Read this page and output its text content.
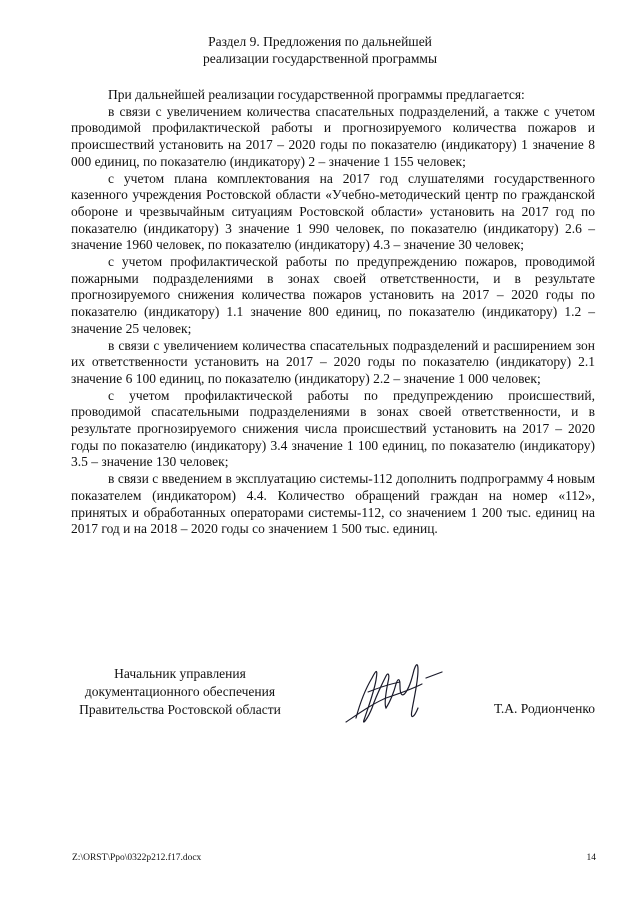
Раздел 9. Предложения по дальнейшей
реализации государственной программы

При дальнейшей реализации государственной программы предлагается:

в связи с увеличением количества спасательных подразделений, а также с учетом проводимой профилактической работы и прогнозируемого количества пожаров и происшествий установить на 2017 – 2020 годы по показателю (индикатору) 1 значение 8 000 единиц, по показателю (индикатору) 2 – значение 1 155 человек;

с учетом плана комплектования на 2017 год слушателями государственного казенного учреждения Ростовской области «Учебно-методический центр по гражданской обороне и чрезвычайным ситуациям Ростовской области» установить на 2017 год по показателю (индикатору) 3 значение 1 990 человек, по показателю (индикатору) 2.6 – значение 1960 человек, по показателю (индикатору) 4.3 – значение 30 человек;

с учетом профилактической работы по предупреждению пожаров, проводимой пожарными подразделениями в зонах своей ответственности, и в результате прогнозируемого снижения количества пожаров установить на 2017 – 2020 годы по показателю (индикатору) 1.1 значение 800 единиц, по показателю (индикатору) 1.2 – значение 25 человек;

в связи с увеличением количества спасательных подразделений и расширением зон их ответственности установить на 2017 – 2020 годы по показателю (индикатору) 2.1 значение 6 100 единиц, по показателю (индикатору) 2.2 – значение 1 000 человек;

с учетом профилактической работы по предупреждению происшествий, проводимой спасательными подразделениями в зонах своей ответственности, и в результате прогнозируемого снижения числа происшествий установить на 2017 – 2020 годы по показателю (индикатору) 3.4 значение 1 100 единиц, по показателю (индикатору) 3.5 – значение 130 человек;

в связи с введением в эксплуатацию системы-112 дополнить подпрограмму 4 новым показателем (индикатором) 4.4. Количество обращений граждан на номер «112», принятых и обработанных операторами системы-112, со значением 1 200 тыс. единиц на 2017 год и на 2018 – 2020 годы со значением 1 500 тыс. единиц.

Начальник управления
документационного обеспечения
Правительства Ростовской области	Т.А. Родионченко
Z:\ORST\Ppo\0322p212.f17.docx	14
